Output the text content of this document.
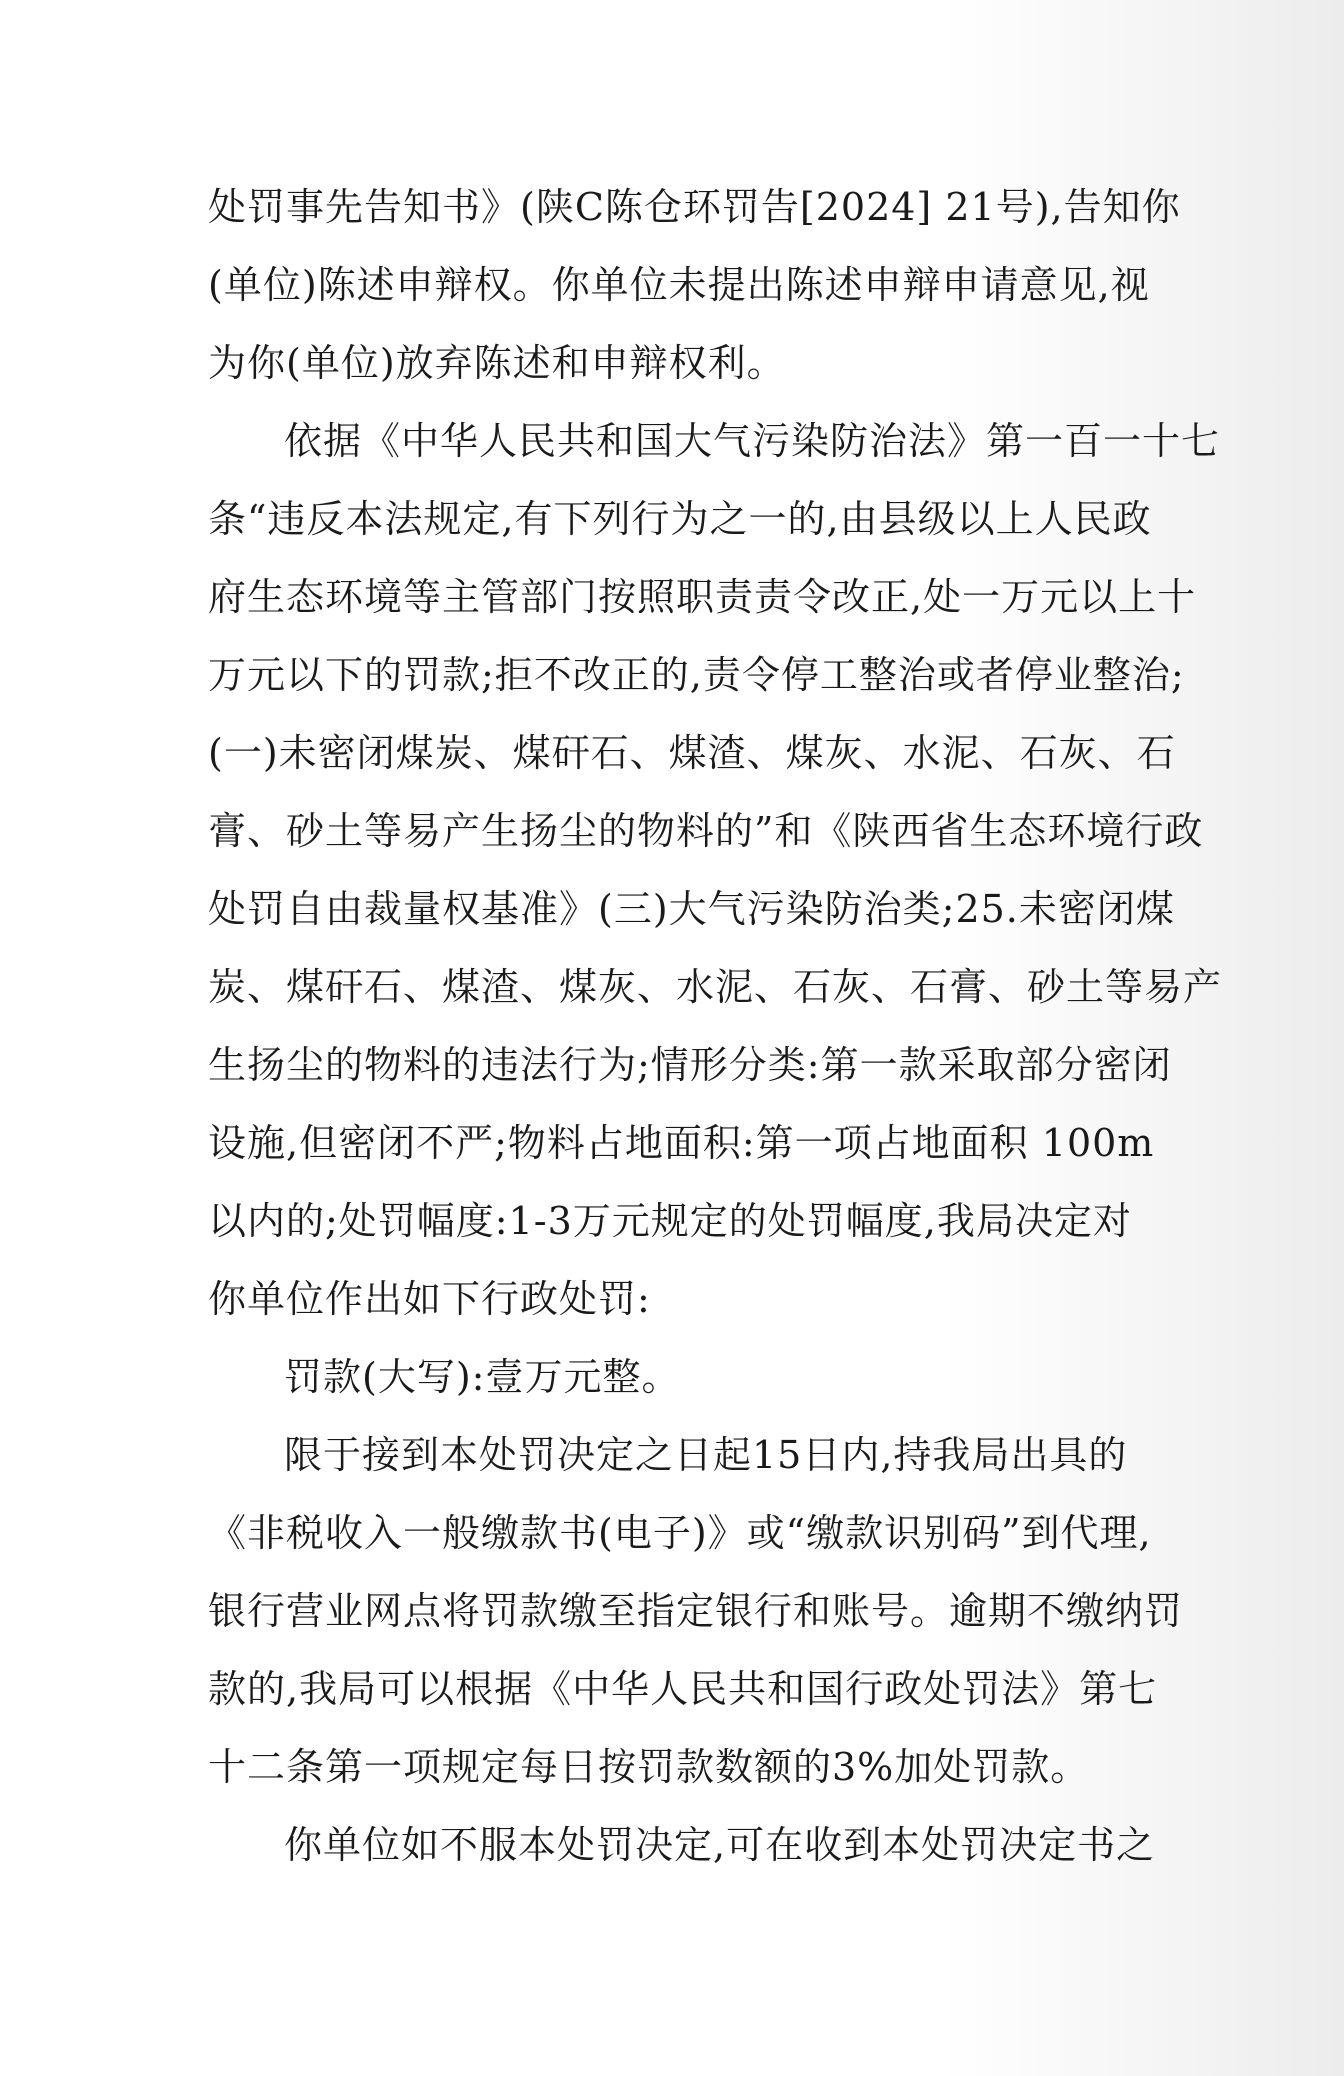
处罚事先告知书》(陕C陈仓环罚告[2024] 21号),告知你
(单位)陈述申辩权。你单位未提出陈述申辩申请意见,视
为你(单位)放弃陈述和申辩权利。
依据《中华人民共和国大气污染防治法》第一百一十七
条“违反本法规定,有下列行为之一的,由县级以上人民政
府生态环境等主管部门按照职责责令改正,处一万元以上十
万元以下的罚款;拒不改正的,责令停工整治或者停业整治;
(一)未密闭煤炭、煤矸石、煤渣、煤灰、水泥、石灰、石
膏、砂土等易产生扬尘的物料的”和《陕西省生态环境行政
处罚自由裁量权基准》(三)大气污染防治类;25.未密闭煤
炭、煤矸石、煤渣、煤灰、水泥、石灰、石膏、砂土等易产
生扬尘的物料的违法行为;情形分类:第一款采取部分密闭
设施,但密闭不严;物料占地面积:第一项占地面积 100m
以内的;处罚幅度:1-3万元规定的处罚幅度,我局决定对
你单位作出如下行政处罚:
罚款(大写):壹万元整。
限于接到本处罚决定之日起15日内,持我局出具的
《非税收入一般缴款书(电子)》或“缴款识别码”到代理,
银行营业网点将罚款缴至指定银行和账号。逾期不缴纳罚
款的,我局可以根据《中华人民共和国行政处罚法》第七
十二条第一项规定每日按罚款数额的3%加处罚款。
你单位如不服本处罚决定,可在收到本处罚决定书之
